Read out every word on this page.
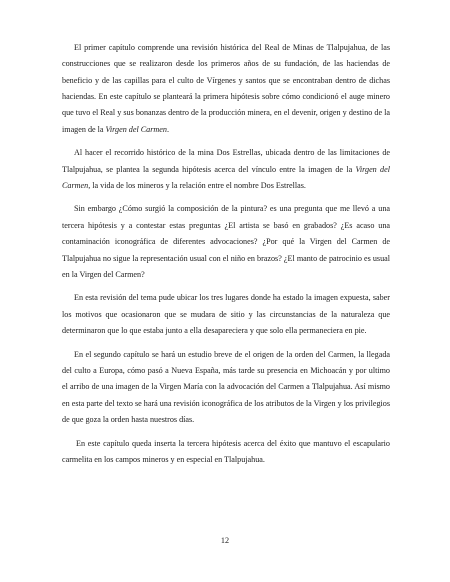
El primer capítulo comprende una revisión histórica del Real de Minas de Tlalpujahua, de las construcciones que se realizaron desde los primeros años de su fundación, de las haciendas de beneficio y de las capillas para el culto de Vírgenes y santos que se encontraban dentro de dichas haciendas. En este capítulo se planteará la primera hipótesis sobre cómo condicionó el auge minero que tuvo el Real y sus bonanzas dentro de la producción minera, en el devenir, origen y destino de la imagen de la Virgen del Carmen.

Al hacer el recorrido histórico de la mina Dos Estrellas, ubicada dentro de las limitaciones de Tlalpujahua, se plantea la segunda hipótesis acerca del vínculo entre la imagen de la Virgen del Carmen, la vida de los mineros y la relación entre el nombre Dos Estrellas.

Sin embargo ¿Cómo surgió la composición de la pintura? es una pregunta que me llevó a una tercera hipótesis y a contestar estas preguntas ¿El artista se basó en grabados? ¿Es acaso una contaminación iconográfica de diferentes advocaciones? ¿Por qué la Virgen del Carmen de Tlalpujahua no sigue la representación usual con el niño en brazos? ¿El manto de patrocinio es usual en la Virgen del Carmen?

En esta revisión del tema pude ubicar los tres lugares donde ha estado la imagen expuesta, saber los motivos que ocasionaron que se mudara de sitio y las circunstancias de la naturaleza que determinaron que lo que estaba junto a ella desapareciera y que solo ella permaneciera en pie.

En el segundo capítulo se hará un estudio breve de el origen de la orden del Carmen, la llegada del culto a Europa, cómo pasó a Nueva España, más tarde su presencia en Michoacán y por ultimo el arribo de una imagen de la Virgen María con la advocación del Carmen a Tlalpujahua. Así mismo en esta parte del texto se hará una revisión iconográfica de los atributos de la Virgen y los privilegios de que goza la orden hasta nuestros días.

En este capítulo queda inserta la tercera hipótesis acerca del éxito que mantuvo el escapulario carmelita en los campos mineros y en especial en Tlalpujahua.

12
